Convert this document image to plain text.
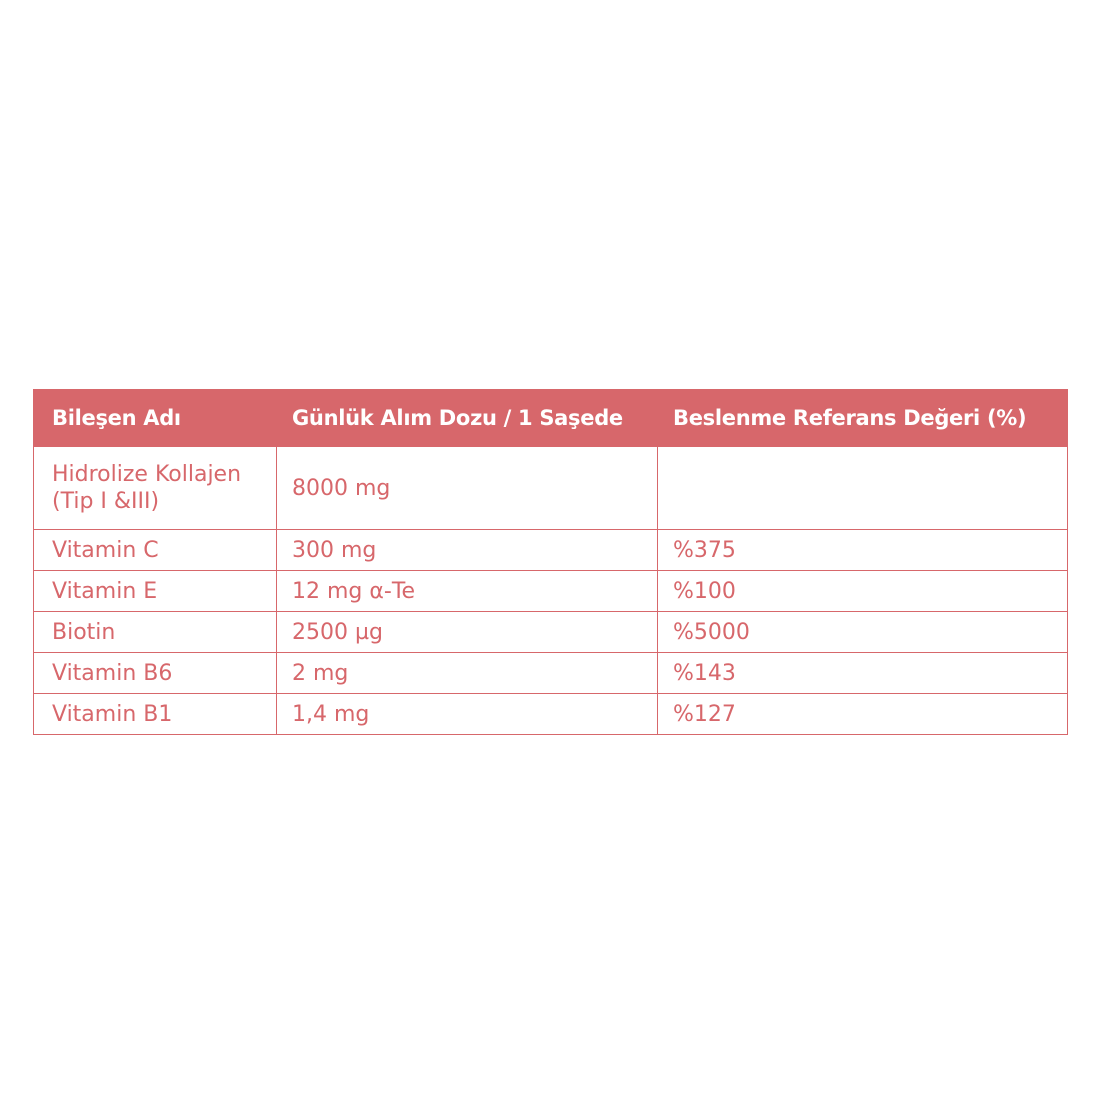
Bileşen Adı	Günlük Alım Dozu / 1 Saşede	Beslenme Referans Değeri (%)
Hidrolize Kollajen (Tip I &III)	8000 mg	
Vitamin C	300 mg	%375
Vitamin E	12 mg α-Te	%100
Biotin	2500 µg	%5000
Vitamin B6	2 mg	%143
Vitamin B1	1,4 mg	%127
